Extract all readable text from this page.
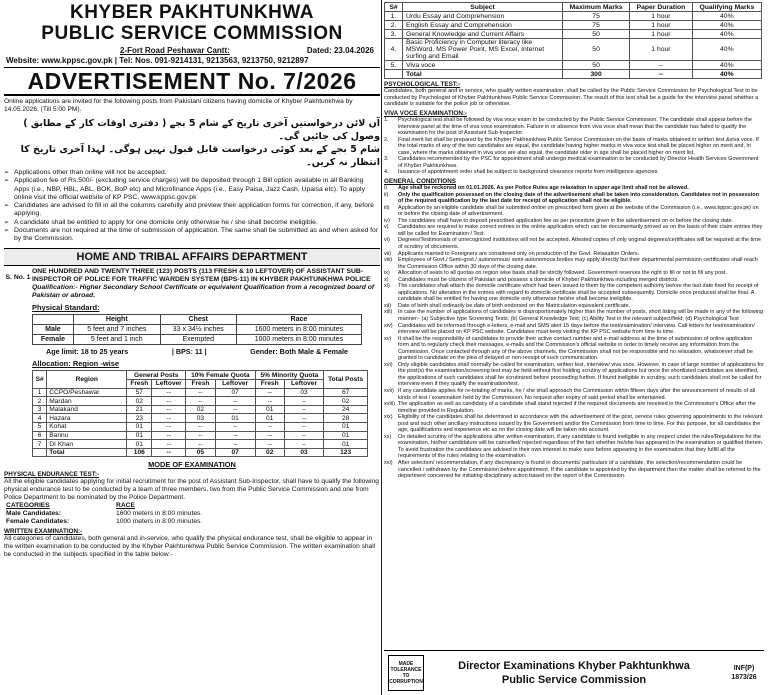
KHYBER PAKHTUNKHWA
PUBLIC SERVICE COMMISSION
2-Fort Road Peshawar Cantt:	Dated: 23.04.2026
Website: www.kppsc.gov.pk | Tel: Nos. 091-9214131, 9213563, 9213750, 9212897
ADVERTISEMENT No. 7/2026
Online applications are invited for the following posts from Pakistani citizens having domicile of Khyber Pakhtunkhwa by 14.05.2026. (Till 5:00 PM).
آن لائن درخواستیں آخری تاریخ کے شام 5 بجے ( دفتری اوقات کار کے مطابق ) وصول کی جائیں گی۔
شام 5 بجے کے بعد کوئی درخواست قابل قبول نہیں ہوگی۔ لہذا آخری تاریخ کا انتظار نہ کریں۔
➢ Applications other than online will not be accepted.
➢ Application fee of Rs.500/- (excluding service charges) will be deposited through 1 Bill option available in all Banking Apps (i.e., NBP, HBL, ABL, BOK, BoP etc) and Microfinance Apps (i.e., Easy Paisa, Jazz Cash, Upaisa etc). To apply online visit the official website of KP PSC, www.kppsc.gov.pk
➢ Candidates are advised to fill in all the columns carefully and preview their application forms for correction, if any, before applying.
➢ A candidate shall be entitled to apply for one domicile only otherwise he / she shall become ineligible.
➢ Documents are not required at the time of submission of application. The same shall be submitted as and when asked for by the Commission.
HOME AND TRIBAL AFFAIRS DEPARTMENT
S. No. 1
ONE HUNDRED AND TWENTY THREE (123) POSTS (113 FRESH & 10 LEFTOVER) OF ASSISTANT SUB-INSPECTOR OF POLICE FOR TRAFFIC WARDEN SYSTEM (BPS-11) IN KHYBER PAKHTUNKHWA POLICE
Qualification:- Higher Secondary School Certificate or equivalent Qualification from a recognized board of Pakistan or abroad.
Physical Standard:
	Height	Chest	Race
Male	5 feet and 7 inches	33 x 34½ inches	1600 meters in 8:00 minutes
Female	5 feet and 1 inch	Exempted	1000 meters in 8:00 minutes
Age limit: 18 to 25 years	| BPS: 11 |	Gender: Both Male & Female
Allocation: Region -wise
S#	Region	General Posts		10% Female Quota		5% Minority Quota		Total Posts
		Fresh	Leftover	Fresh	Leftover	Fresh	Leftover	
1	CCPO/Peshawar	57	--	--	07	--	03	67
2	Mardan	02	--	--	--	--	--	02
3	Malakand	21	--	02	--	01	--	24
4	Hazara	23	--	03	01	01	--	28
5	Kohat	01	--	--	--	--	--	01
6	Bannu	01	--	--	--	--	--	01
7	DI Khan	01	--	--	--	--	--	01
	Total	106	--	05	07	02	03	123
MODE OF EXAMINATION
PHYSICAL ENDURANCE TEST:-
All the eligible candidates applying for initial recruitment for the post of Assistant Sub-Inspector, shall have to qualify the following physical endurance test to be conducted by a team of three members, two from the Public Service Commission and one from Police Department to be nominated by the Police Department.
CATEGORIES	RACE
Male Candidates:	1600 meters in 8:00 minutes.
Female Candidates:	1000 meters in 8:00 minutes.
WRITTEN EXAMINATION:-
All categories of candidates, both general and in-service, who qualify the physical endurance test, shall be eligible to appear in the written examination to be conducted by the Khyber Pakhtunkhwa Public Service Commission. The written examination shall be conducted in the subjects specified in the table below:-
S#	Subject	Maximum Marks	Paper Duration	Qualifying Marks
1.	Urdu Essay and Comprehension	75	1 hour	40%
2.	English Essay and Comprehension	75	1 hour	40%
3.	General Knowledge and Current Affairs	50	1 hour	40%
4.	Basic Proficiency in Computer literacy like MSWord, MS Power Point, MS Excel, Internet surfing and Email	50	1 hour	40%
5.	Viva voce	50	--	40%
	Total	300	--	40%
PSYCHOLOGICAL TEST:-
Candidates, both general and in service, who qualify written examination, shall be called by the Public Service Commission for Psychological Test to be conducted by Psychologist of Khyber Pakhtunkhwa Public Service Commission. The result of this test shall be a guide for the interview panel whether a candidate is suitable for the police job or otherwise.
VIVA VOCE EXAMINATION:-
1.	Psychological test shall be followed by viva voce exam to be conducted by the Public Service Commission. The candidate shall appear before the interview panel at the time of viva voce examination. Failure in or absence from viva voce shall mean that the candidate has failed to qualify the examination for the post of Assistant Sub-Inspector.
2.	Final merit list shall be prepared by the Khyber Pakhtunkhwa Public Service Commission on the basis of marks obtained in written test &viva voce. If the total marks of any of the two candidates are equal, the candidate having higher marks in viva voce test shall be placed higher on merit and, in case, where the marks obtained in viva voce are also equal, the candidate older in age shall be placed higher on merit list.
3.	Candidates recommended by the PSC for appointment shall undergo medical examination to be conducted by Director Health Services Government of Khyber Pakhtunkhwa.
4.	Issuance of appointment order shall be subject to background clearance reports from intelligence agencies.
GENERAL CONDITIONS
i)	Age shall be reckoned on 01.01.2026. As per Police Rules age relaxation in upper age limit shall not be allowed.
ii)	Only the qualification possessed on the closing date of the advertisement shall be taken into consideration. Candidates not in possession of the required qualification by the last date for receipt of application shall not be eligible.
iii)	Application by an eligible candidate shall be submitted online on prescribed form given at the website of the Commission (i.e., www.kppsc.gov.pk) on or before the closing date of advertisement.
iv)	The candidates shall have to deposit prescribed application fee as per procedure given in the advertisement on or before the closing date.
v)	Candidates are required to make correct entries in the online application which can be documentarily proved as on the basis of their claim entries they will be called for Examination / Test.
vi)	Degrees/Testimonials of unrecognized institutions will not be accepted. Attested copies of only original degrees/certificates will be required at the time of scrutiny of documents.
vii)	Applicants married to Foreigners are considered only on production of the Govt. Relaxation Orders.
viii)	Employees of Govt./ Semi-govt./ autonomous/ semi-autonomous bodies may apply directly but their departmental permission certificates shall reach the Commission Office within 30 days of the closing date.
ix)	Allocation of seats to all quotas on region wise basis shall be strictly followed. Government reserves the right to fill or not to fill any post.
x)	Candidates must be citizens of Pakistan and possess a domicile of Khyber Pakhtunkhwa including merged districts.
xi)	The candidates shall attach the domicile certificate which had been issued to them by the competent authority before the last date fixed for receipt of applications. No alteration in the entries with regard to domicile certificate shall be accepted subsequently. Domicile once produced shall be final. A candidate shall be entitled for having one domicile only otherwise he/she shall become ineligible.
xii)	Date of birth shall ordinarily be date of birth endorsed on the Matriculation equivalent certificate.
xiii)	In case the number of applications of candidates is disproportionately higher than the number of posts, short listing will be made in any of the following manner:- (a) Subjective type Screening Tests; (b) General Knowledge Test; (c) Ability Test in the relevant subject/field; (d) Psychological Test
xiv) Candidates will be informed through e-letters, e-mail and SMS alert 15 days before the test/examination/ interview. Call letters for test/examination/ interview will be placed on KP PSC website. Candidates must keep visiting the KP PSC website from time to time.
xv)	It shall be the responsibility of candidates to provide their active contact number and e-mail address at the time of submission of online application form and to regularly check their messages, e-mails and the Commission's official website in order to timely receive any information from the Commission. Once contacted through any of the above channels, the Commission shall not be responsible and no relaxation, whatsoever shall be granted to candidate on the plea of delayed or non-receipt of such communication.
xvi) Only eligible candidates shall normally be called for examination, written test, interview/ viva voce. However, in case of large number of applications for the post(s) the examination/screening test may be held without first holding scrutiny of applications but once the shortlisted candidates are identified, the applications of such candidates shall be scrutinized before proceeding further. If found ineligible in scrutiny, such candidates shall not be called for interview even if they qualify the examination/test.
xvii) If any candidate applies for re-totaling of marks, he / she shall approach the Commission within fifteen days after the announcement of results of all kinds of test / examination held by the Commission. No request after expiry of said period shall be entertained.
xviii) The application as well as candidacy of a candidate shall stand rejected if the required documents are received in the Commission's Office after the timeline provided in Regulation.
xix) Eligibility of the candidates shall be determined in accordance with the advertisement of the post, service rules governing appointments to the relevant post and such other ancillary instructions issued by the Government and/or the Commission from time to time. For this purpose, for all candidates the age, qualifications and experience etc as on the closing date will be taken into account.
xx)	On detailed scrutiny of the applications after written examination, if any candidate is found ineligible in any respect under the rules/Regulations for the examination, his/her candidature will be cancelled/ rejected regardless of the fact whether he/she has appeared in the examination or qualified therein. To avoid frustration the candidates are advised in their own interest to make sure before appearing in the examination that they fulfill all the requirements of the rules relating to the examination.
xxi) After selection/ recommendation, if any discrepancy is found in documents/ particulars of a candidate, the selection/recommendation could be cancelled / withdrawn by the Commission before appointment. If the candidate is appointed by the department then the matter shall be referred to the department concerned for initiating disciplinary action based on the report of the Commission.
MADE
TOLERANCE
TO CORRUPTION
Director Examinations Khyber Pakhtunkhwa
Public Service Commission
INF(P)
1873/26
